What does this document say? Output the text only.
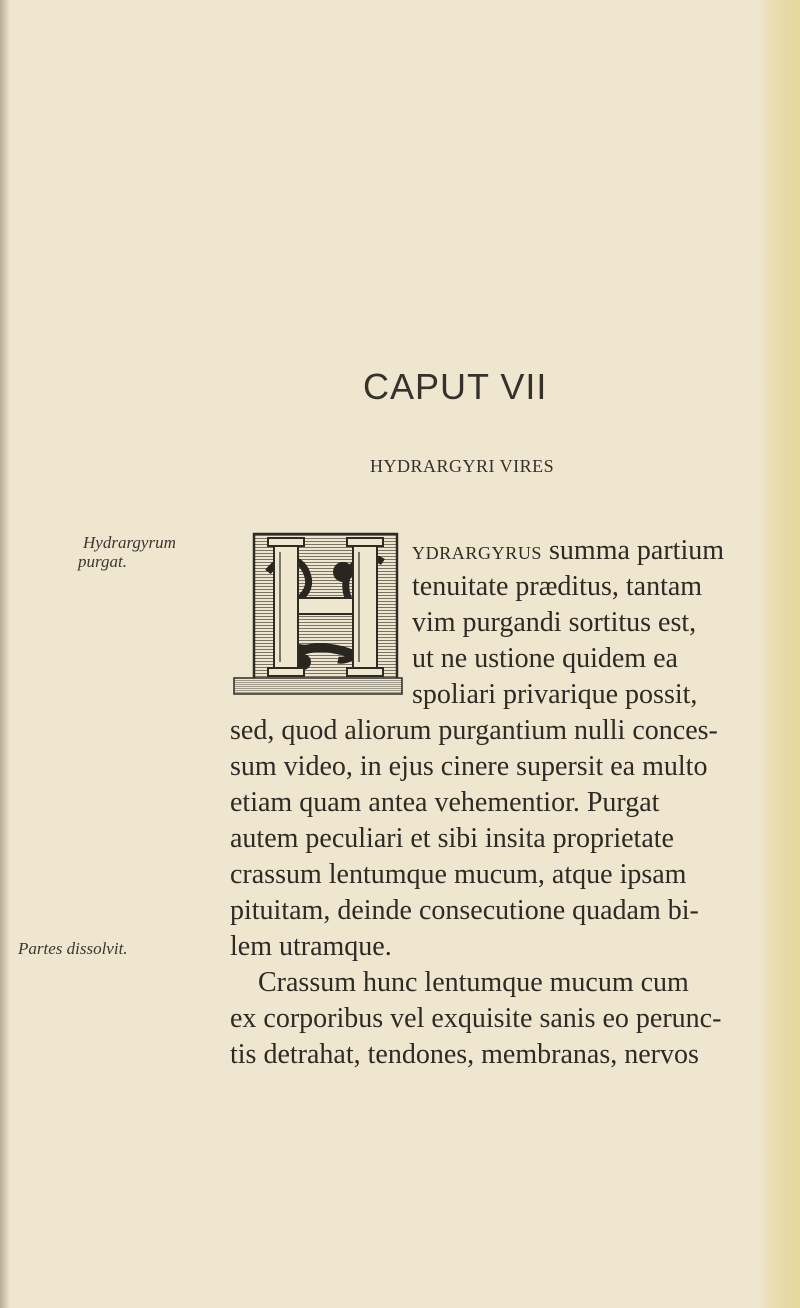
CAPUT VII
HYDRARGYRI VIRES
Hydrargyrum
purgat.
Partes dissolvit.
YDRARGYRUS summa partium
tenuitate præditus, tantam
vim purgandi sortitus est,
ut ne ustione quidem ea
spoliari privarique possit,
sed, quod aliorum purgantium nulli conces-
sum video, in ejus cinere supersit ea multo
etiam quam antea vehementior. Purgat
autem peculiari et sibi insita proprietate
crassum lentumque mucum, atque ipsam
pituitam, deinde consecutione quadam bi-
lem utramque.
Crassum hunc lentumque mucum cum
ex corporibus vel exquisite sanis eo perunc-
tis detrahat, tendones, membranas, nervos
